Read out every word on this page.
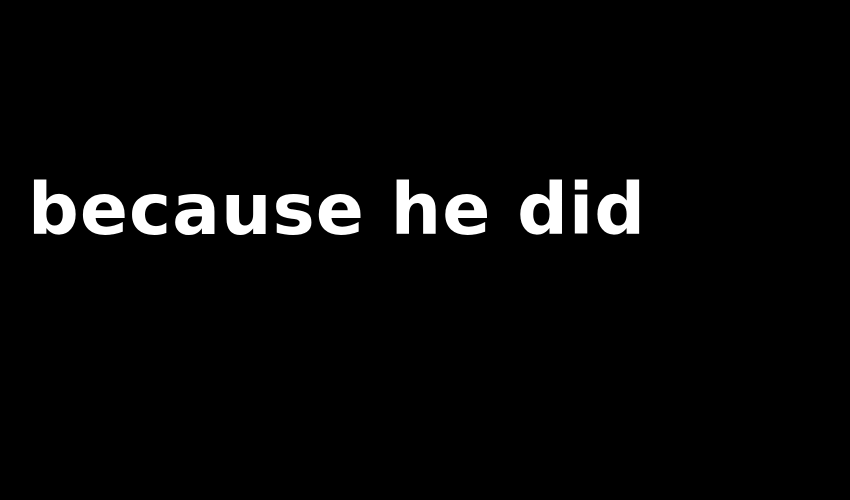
because he did
